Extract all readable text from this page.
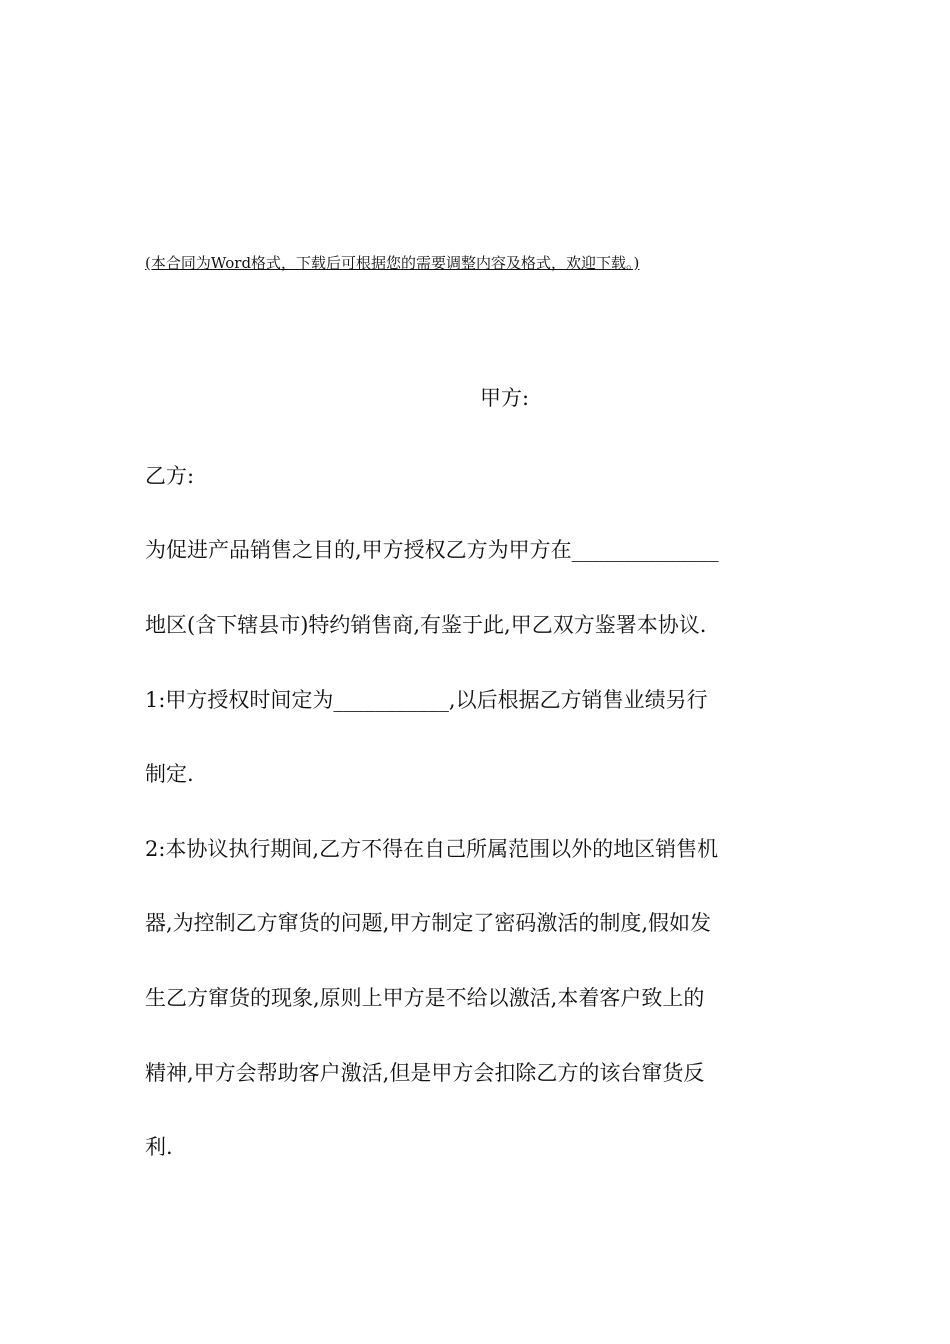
(本合同为Word格式，下载后可根据您的需要调整内容及格式，欢迎下载。)
甲方:
乙方:
为促进产品销售之目的,甲方授权乙方为甲方在______________
地区(含下辖县市)特约销售商,有鉴于此,甲乙双方鉴署本协议.
1:甲方授权时间定为___________,以后根据乙方销售业绩另行
制定.
2:本协议执行期间,乙方不得在自己所属范围以外的地区销售机
器,为控制乙方窜货的问题,甲方制定了密码激活的制度,假如发
生乙方窜货的现象,原则上甲方是不给以激活,本着客户致上的
精神,甲方会帮助客户激活,但是甲方会扣除乙方的该台窜货反
利.
